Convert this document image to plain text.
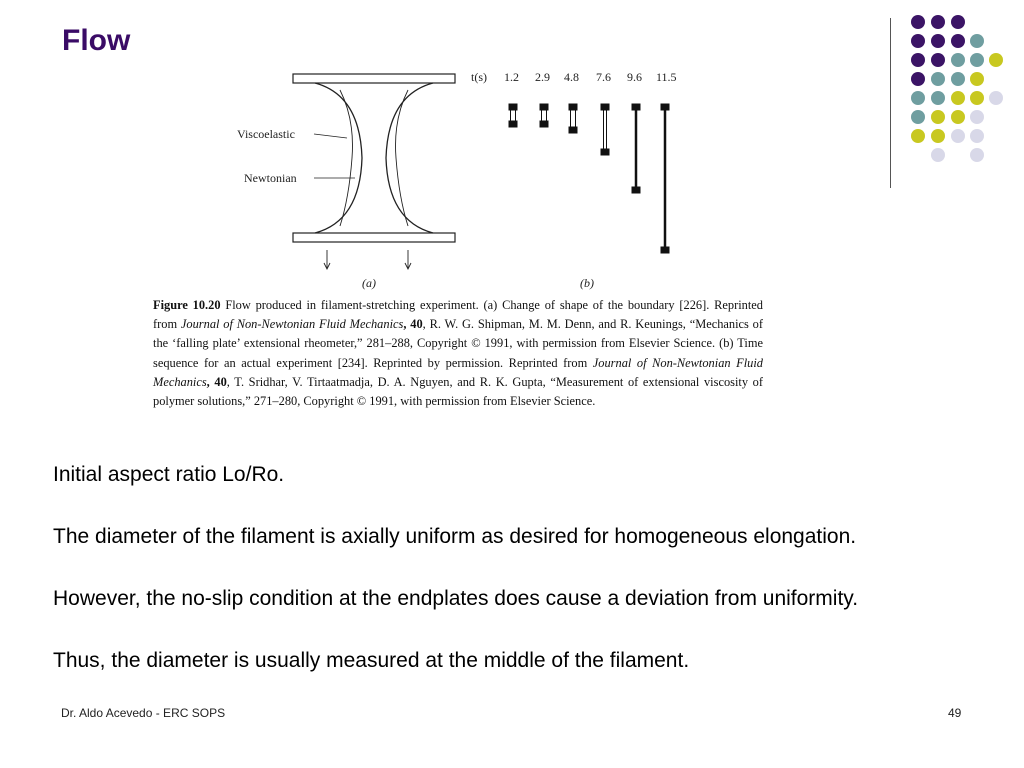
Flow
Viscoelastic
Newtonian
(a)	(b)
t(s) 1.2 2.9 4.8 7.6 9.6 11.5
Figure 10.20 Flow produced in filament-stretching experiment. (a) Change of shape of the boundary [226]. Reprinted from Journal of Non-Newtonian Fluid Mechanics, 40, R. W. G. Shipman, M. M. Denn, and R. Keunings, “Mechanics of the ‘falling plate’ extensional rheometer,” 281–288, Copyright © 1991, with permission from Elsevier Science. (b) Time sequence for an actual experiment [234]. Reprinted by permission. Reprinted from Journal of Non-Newtonian Fluid Mechanics, 40, T. Sridhar, V. Tirtaatmadja, D. A. Nguyen, and R. K. Gupta, “Measurement of extensional viscosity of polymer solutions,” 271–280, Copyright © 1991, with permission from Elsevier Science.

Initial aspect ratio Lo/Ro.

The diameter of the filament is axially uniform as desired for homogeneous elongation.

However, the no-slip condition at the endplates does cause a deviation from uniformity.

Thus, the diameter is usually measured at the middle of the filament.

Dr. Aldo Acevedo - ERC SOPS	49
